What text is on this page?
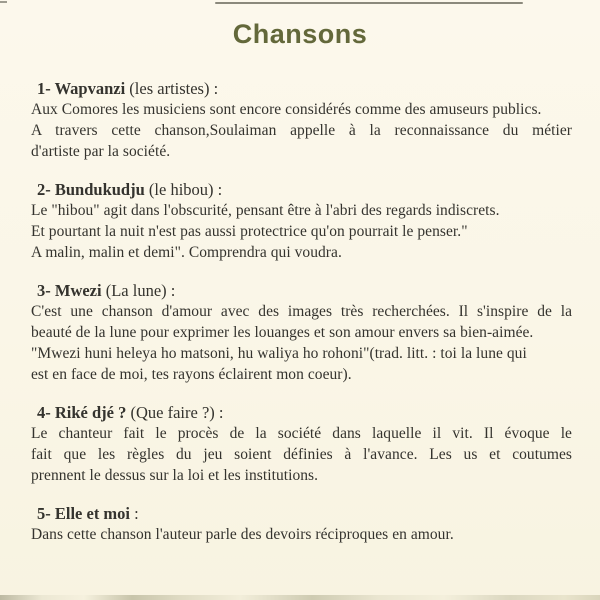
Chansons
1- Wapvanzi (les artistes) :
Aux Comores les musiciens sont encore considérés comme des amuseurs publics.
A travers cette chanson,Soulaiman appelle à la reconnaissance du métier
d'artiste par la société.
2- Bundukudju (le hibou) :
Le "hibou" agit dans l'obscurité, pensant être à l'abri des regards indiscrets.
Et pourtant la nuit n'est pas aussi protectrice qu'on pourrait le penser."
A malin, malin et demi". Comprendra qui voudra.
3- Mwezi (La lune) :
C'est une chanson d'amour avec des images très recherchées. Il s'inspire de la
beauté de la lune pour exprimer les louanges et son amour envers sa bien-aimée.
"Mwezi huni heleya ho matsoni, hu waliya ho rohoni"(trad. litt. : toi la lune qui
est en face de moi, tes rayons éclairent mon coeur).
4- Riké djé ? (Que faire ?) :
Le chanteur fait le procès de la société dans laquelle il vit. Il évoque le
fait que les règles du jeu soient définies à l'avance. Les us et coutumes
prennent le dessus sur la loi et les institutions.
5- Elle et moi :
Dans cette chanson l'auteur parle des devoirs réciproques en amour.
